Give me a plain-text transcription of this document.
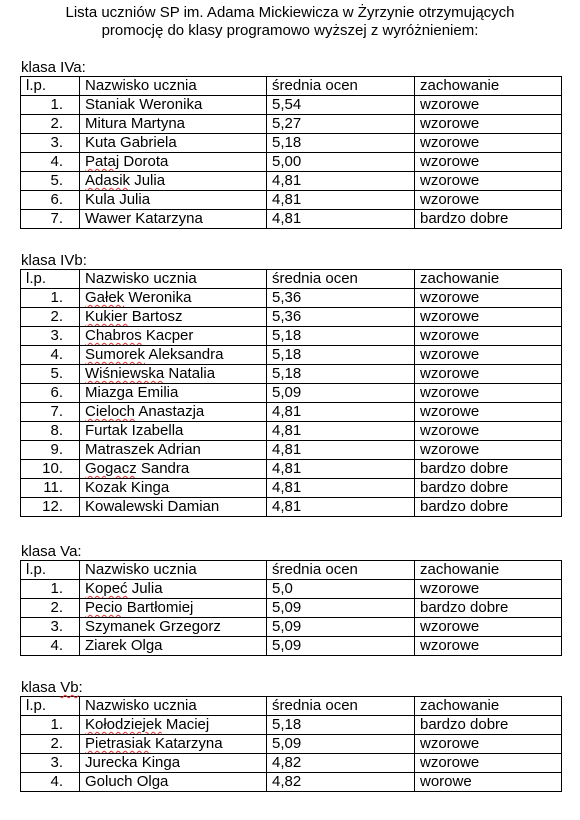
Lista uczniów SP im. Adama Mickiewicza w Żyrzynie otrzymujących
promocję do klasy programowo wyższej z wyróżnieniem:
klasa IVa:
l.p.	Nazwisko ucznia	średnia ocen	zachowanie
1.	Staniak Weronika	5,54	wzorowe
2.	Mitura Martyna	5,27	wzorowe
3.	Kuta Gabriela	5,18	wzorowe
4.	Pataj Dorota	5,00	wzorowe
5.	Adasik Julia	4,81	wzorowe
6.	Kula Julia	4,81	wzorowe
7.	Wawer Katarzyna	4,81	bardzo dobre
klasa IVb:
l.p.	Nazwisko ucznia	średnia ocen	zachowanie
1.	Gałek Weronika	5,36	wzorowe
2.	Kukier Bartosz	5,36	wzorowe
3.	Chabros Kacper	5,18	wzorowe
4.	Sumorek Aleksandra	5,18	wzorowe
5.	Wiśniewska Natalia	5,18	wzorowe
6.	Miazga Emilia	5,09	wzorowe
7.	Cieloch Anastazja	4,81	wzorowe
8.	Furtak Izabella	4,81	wzorowe
9.	Matraszek Adrian	4,81	wzorowe
10.	Gogacz Sandra	4,81	bardzo dobre
11.	Kozak Kinga	4,81	bardzo dobre
12.	Kowalewski Damian	4,81	bardzo dobre
klasa Va:
l.p.	Nazwisko ucznia	średnia ocen	zachowanie
1.	Kopeć Julia	5,0	wzorowe
2.	Pecio Bartłomiej	5,09	bardzo dobre
3.	Szymanek Grzegorz	5,09	wzorowe
4.	Ziarek Olga	5,09	wzorowe
klasa Vb:
l.p.	Nazwisko ucznia	średnia ocen	zachowanie
1.	Kołodziejek Maciej	5,18	bardzo dobre
2.	Pietrasiak Katarzyna	5,09	wzorowe
3.	Jurecka Kinga	4,82	wzorowe
4.	Goluch Olga	4,82	worowe
